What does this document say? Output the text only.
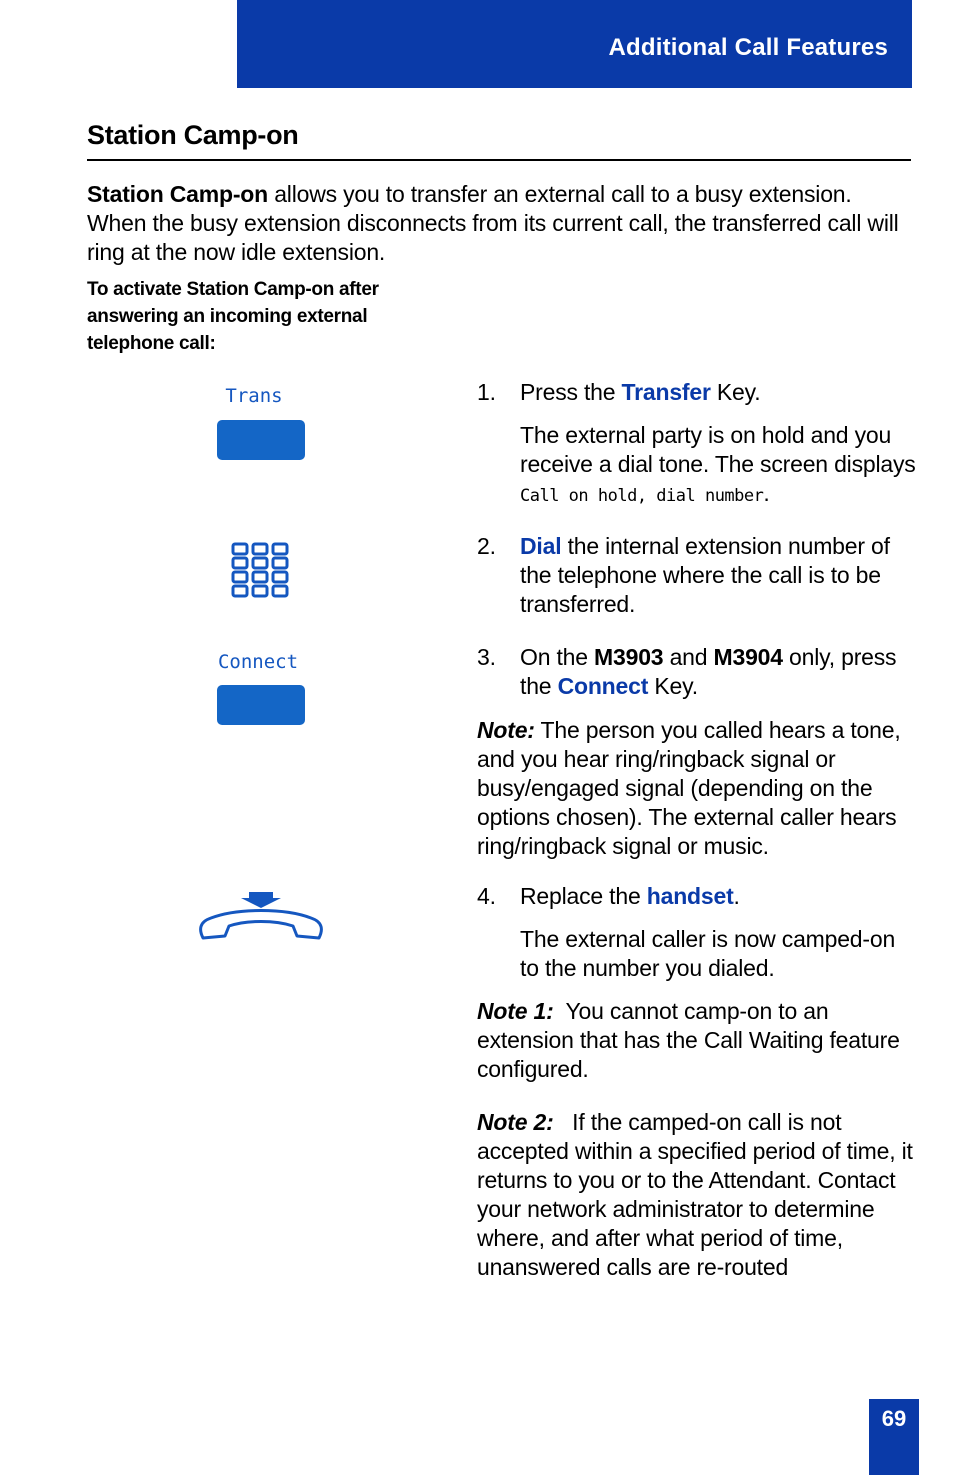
Additional Call Features
Station Camp-on
Station Camp-on allows you to transfer an external call to a busy extension. When the busy extension disconnects from its current call, the transferred call will ring at the now idle extension.
To activate Station Camp-on after answering an incoming external telephone call:
Trans
Connect
1.	Press the Transfer Key.
The external party is on hold and you receive a dial tone. The screen displays Call on hold, dial number.
2.	Dial the internal extension number of the telephone where the call is to be transferred.
3.	On the M3903 and M3904 only, press the Connect Key.
Note: The person you called hears a tone, and you hear ring/ringback signal or busy/engaged signal (depending on the options chosen). The external caller hears ring/ringback signal or music.
4.	Replace the handset.
The external caller is now camped-on to the number you dialed.
Note 1:  You cannot camp-on to an extension that has the Call Waiting feature configured.
Note 2:   If the camped-on call is not accepted within a specified period of time, it returns to you or to the Attendant. Contact your network administrator to determine where, and after what period of time, unanswered calls are re-routed
69
